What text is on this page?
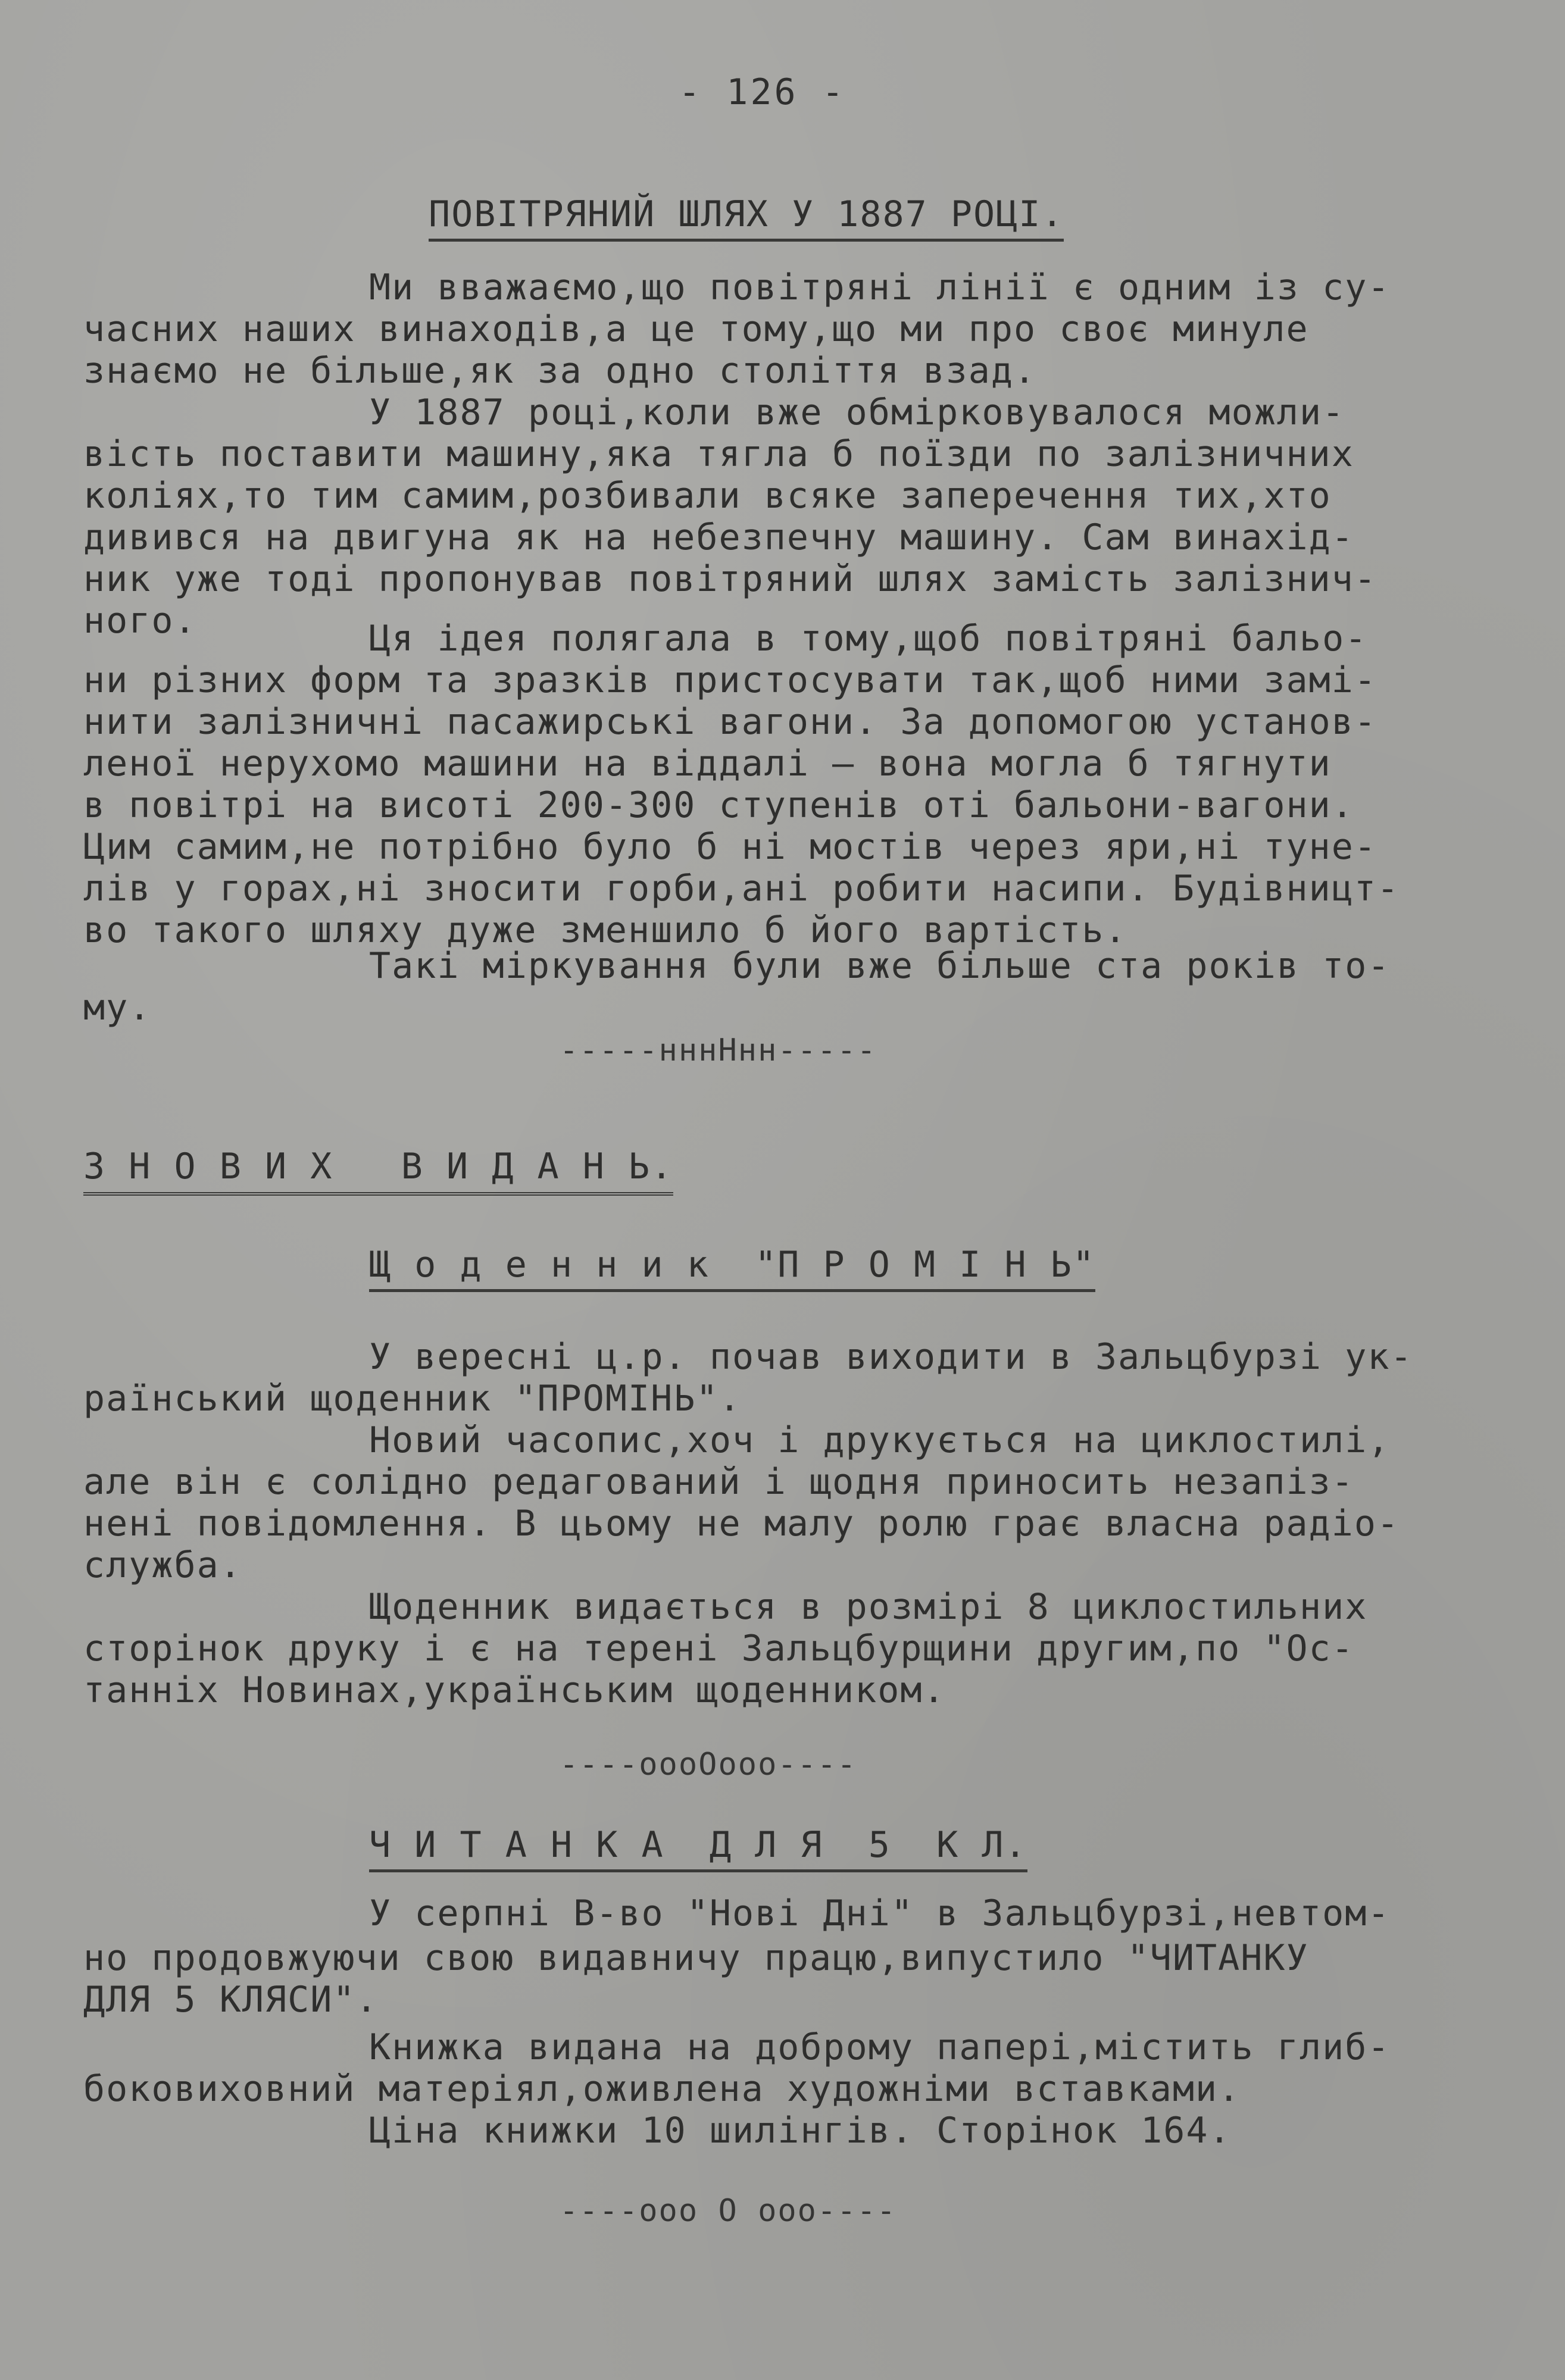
- 126 -
ПОВІТРЯНИЙ ШЛЯХ У 1887 РОЦІ.
Ми вважаємо,що повітряні лінії є одним із су-
часних наших винаходів,а це тому,що ми про своє минуле
знаємо не більше,як за одно століття взад.
У 1887 році,коли вже обмірковувалося можли-
вість поставити машину,яка тягла б поїзди по залізничних
коліях,то тим самим,розбивали всяке заперечення тих,хто
дивився на двигуна як на небезпечну машину. Сам винахід-
ник уже тоді пропонував повітряний шлях замість залізнич-
ного.	Ця ідея полягала в тому,щоб повітряні бальо-
ни різних форм та зразків пристосувати так,щоб ними замі-
нити залізничні пасажирські вагони. За допомогою установ-
леної нерухомо машини на віддалі – вона могла б тягнути
в повітрі на висоті 200-300 ступенів оті бальони-вагони.
Цим самим,не потрібно було б ні мостів через яри,ні туне-
лів у горах,ні зносити горби,ані робити насипи. Будівницт-
во такого шляху дуже зменшило б його вартість.
Такі міркування були вже більше ста років то-
му.
-----нннНнн-----
З Н О В И Х   В И Д А Н Ь.
Щ о д е н н и к  "П Р О М І Н Ь"
У вересні ц.р. почав виходити в Зальцбурзі ук-
раїнський щоденник "ПРОМІНЬ".
Новий часопис,хоч і друкується на циклостилі,
але він є солідно редагований і щодня приносить незапіз-
нені повідомлення. В цьому не малу ролю грає власна радіо-
служба.
Щоденник видається в розмірі 8 циклостильних
сторінок друку і є на терені Зальцбурщини другим,по "Ос-
танніх Новинах,українським щоденником.
----оооОооо----
Ч И Т А Н К А  Д Л Я  5  К Л.
У серпні В-во "Нові Дні" в Зальцбурзі,невтом-
но продовжуючи свою видавничу працю,випустило "ЧИТАНКУ
ДЛЯ 5 КЛЯСИ".
Книжка видана на доброму папері,містить глиб-
боковиховний матеріял,оживлена художніми вставками.
Ціна книжки 10 шилінгів. Сторінок 164.
----ооо О ооо----
